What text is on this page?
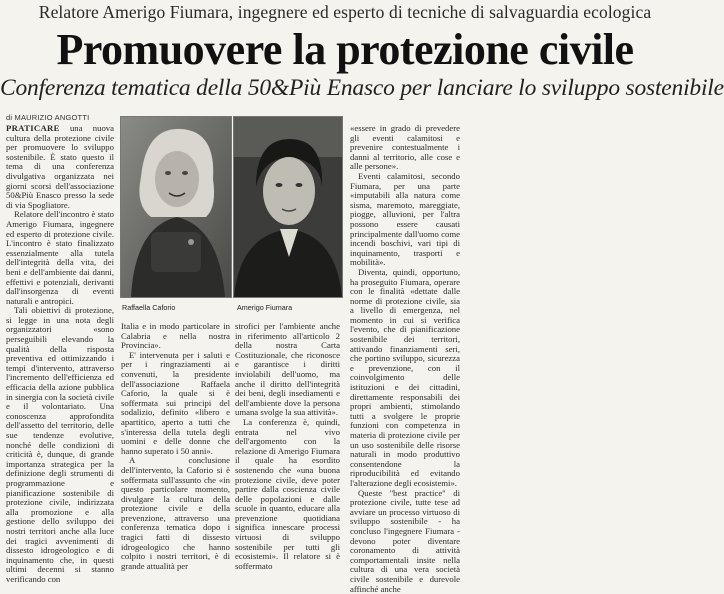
Relatore Amerigo Fiumara, ingegnere ed esperto di tecniche di salvaguardia ecologica
Promuovere la protezione civile
Conferenza tematica della 50&Più Enasco per lanciare lo sviluppo sostenibile
di MAURIZIO ANGOTTI

PRATICARE una nuova cultura della protezione civile per promuovere lo sviluppo sostenibile. È stato questo il tema di una conferenza divulgativa organizzata nei giorni scorsi dell'associazione 50&Più Enasco presso la sede di via Spogliatore.

Relatore dell'incontro è stato Amerigo Fiumara, ingegnere ed esperto di protezione civile. L'incontro è stato finalizzato essenzialmente alla tutela dell'integrità della vita, dei beni e dell'ambiente dai danni, effettivi e potenziali, derivanti dall'insorgenza di eventi naturali e antropici.

Tali obiettivi di protezione, si legge in una nota degli organizzatori «sono perseguibili elevando la qualità della risposta preventiva ed ottimizzando i tempi d'intervento, attraverso l'incremento dell'efficienza ed efficacia della azione pubblica in sinergia con la società civile e il volontariato. Una conoscenza approfondita dell'assetto del territorio, delle sue tendenze evolutive, nonché delle condizioni di criticità è, dunque, di grande importanza strategica per la definizione degli strumenti di programmazione e pianificazione sostenibile di protezione civile, indirizzata alla promozione e alla gestione dello sviluppo dei nostri territori anche alla luce dei tragici avvenimenti di dissesto idrogeologico e di inquinamento che, in questi ultimi decenni si stanno verificando con

Raffaella Caforio	Amerigo Fiumara

Italia e in modo particolare in Calabria e nella nostra Provincia».

E' intervenuta per i saluti e per i ringraziamenti ai convenuti, la presidente dell'associazione Raffaela Caforio, la quale si è soffermata sui principi del sodalizio, definito «libero e apartitico, aperto a tutti che s'interessa della tutela degli uomini e delle donne che hanno superato i 50 anni».

A conclusione dell'intervento, la Caforio si è soffermata sull'assunto che «in questo particolare momento, divulgare la cultura della protezione civile e della prevenzione, attraverso una conferenza tematica dopo i tragici fatti di dissesto idrogeologico che hanno colpito i nostri territori, è di grande attualità per

strofici per l'ambiente anche in riferimento all'articolo 2 della nostra Carta Costituzionale, che riconosce e garantisce i diritti inviolabili dell'uomo, ma anche il diritto dell'integrità dei beni, degli insediamenti e dell'ambiente dove la persona umana svolge la sua attività».

La conferenza è, quindi, entrata nel vivo dell'argomento con la relazione di Amerigo Fiumara il quale ha esordito sostenendo che «una buona protezione civile, deve poter partire dalla coscienza civile delle popolazioni e dalle scuole in quanto, educare alla prevenzione quotidiana significa innescare processi virtuosi di sviluppo sostenibile per tutti gli ecosistemi». Il relatore si è soffermato

«essere in grado di prevedere gli eventi calamitosi e prevenire contestualmente i danni al territorio, alle cose e alle persone».

Eventi calamitosi, secondo Fiumara, per una parte «imputabili alla natura come sisma, maremoto, mareggiate, piogge, alluvioni, per l'altra possono essere causati principalmente dall'uomo come incendi boschivi, vari tipi di inquinamento, trasporti e mobilità».

Diventa, quindi, opportuno, ha proseguito Fiumara, operare con le finalità «dettate dalle norme di protezione civile, sia a livello di emergenza, nel momento in cui si verifica l'evento, che di pianificazione sostenibile dei territori, attivando finanziamenti seri, che portino sviluppo, sicurezza e prevenzione, con il coinvolgimento delle istituzioni e dei cittadini, direttamente responsabili dei propri ambienti, stimolando tutti a svolgere le proprie funzioni con competenza in materia di protezione civile per un uso sostenibile delle risorse naturali in modo produttivo consentendone la riproducibilità ed evitando l'alterazione degli ecosistemi».

Queste "best practice" di protezione civile, tutte tese ad avviare un processo virtuoso di sviluppo sostenibile - ha concluso l'ingegnere Fiumara - devono poter diventare coronamento di attività comportamentali insite nella cultura di una vera società civile sostenibile e durevole affinché anche
